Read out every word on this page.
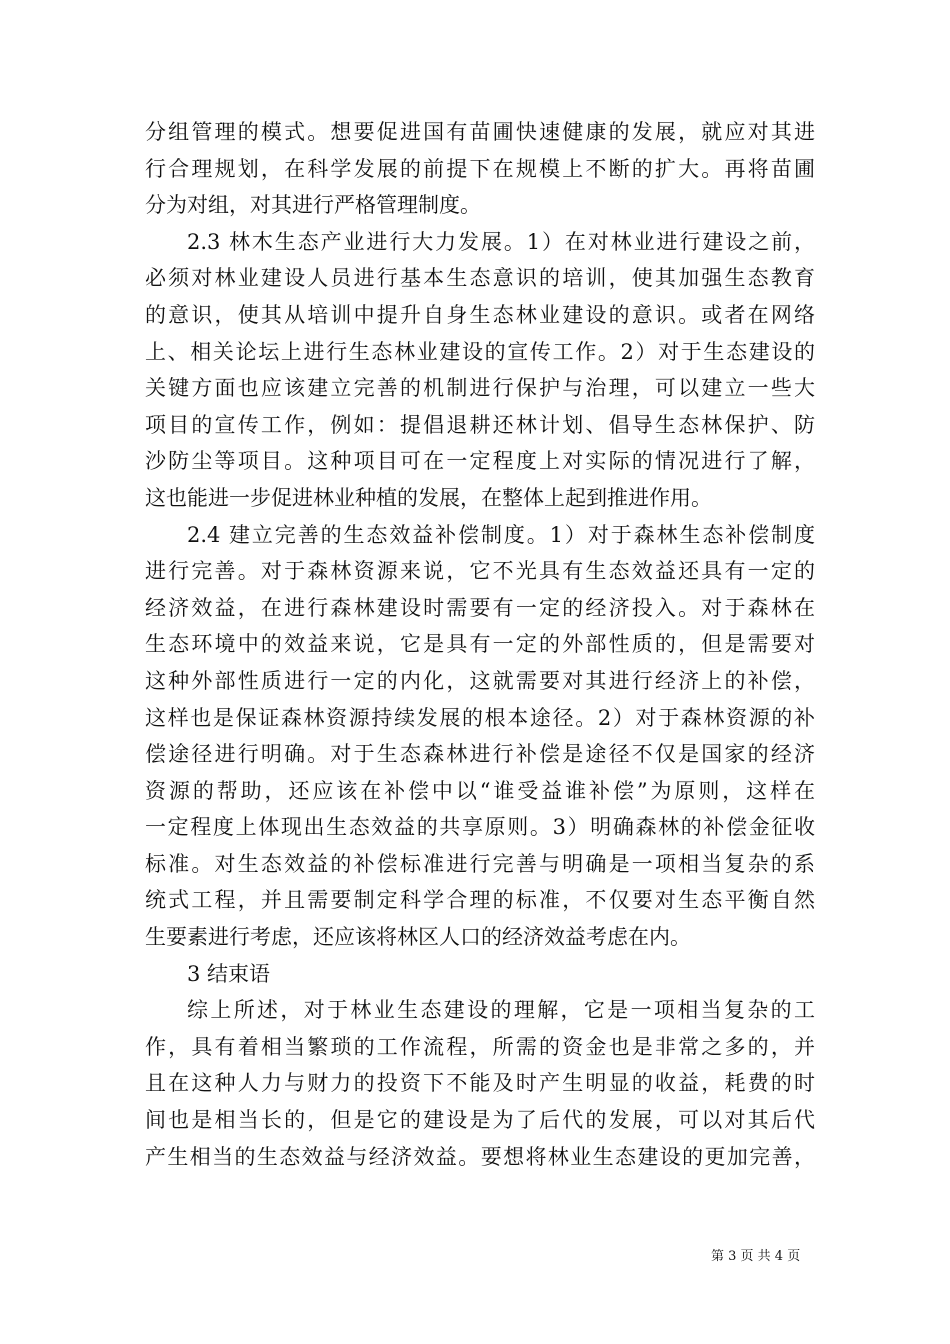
分组管理的模式。想要促进国有苗圃快速健康的发展，就应对其进
行合理规划，在科学发展的前提下在规模上不断的扩大。再将苗圃
分为对组，对其进行严格管理制度。
2.3 林木生态产业进行大力发展。1）在对林业进行建设之前，
必须对林业建设人员进行基本生态意识的培训，使其加强生态教育
的意识，使其从培训中提升自身生态林业建设的意识。或者在网络
上、相关论坛上进行生态林业建设的宣传工作。2）对于生态建设的
关键方面也应该建立完善的机制进行保护与治理，可以建立一些大
项目的宣传工作，例如：提倡退耕还林计划、倡导生态林保护、防
沙防尘等项目。这种项目可在一定程度上对实际的情况进行了解，
这也能进一步促进林业种植的发展，在整体上起到推进作用。
2.4 建立完善的生态效益补偿制度。1）对于森林生态补偿制度
进行完善。对于森林资源来说，它不光具有生态效益还具有一定的
经济效益，在进行森林建设时需要有一定的经济投入。对于森林在
生态环境中的效益来说，它是具有一定的外部性质的，但是需要对
这种外部性质进行一定的内化，这就需要对其进行经济上的补偿，
这样也是保证森林资源持续发展的根本途径。2）对于森林资源的补
偿途径进行明确。对于生态森林进行补偿是途径不仅是国家的经济
资源的帮助，还应该在补偿中以“谁受益谁补偿”为原则，这样在
一定程度上体现出生态效益的共享原则。3）明确森林的补偿金征收
标准。对生态效益的补偿标准进行完善与明确是一项相当复杂的系
统式工程，并且需要制定科学合理的标准，不仅要对生态平衡自然
生要素进行考虑，还应该将林区人口的经济效益考虑在内。
3 结束语
综上所述，对于林业生态建设的理解，它是一项相当复杂的工
作，具有着相当繁琐的工作流程，所需的资金也是非常之多的，并
且在这种人力与财力的投资下不能及时产生明显的收益，耗费的时
间也是相当长的，但是它的建设是为了后代的发展，可以对其后代
产生相当的生态效益与经济效益。要想将林业生态建设的更加完善，
第 3 页 共 4 页
